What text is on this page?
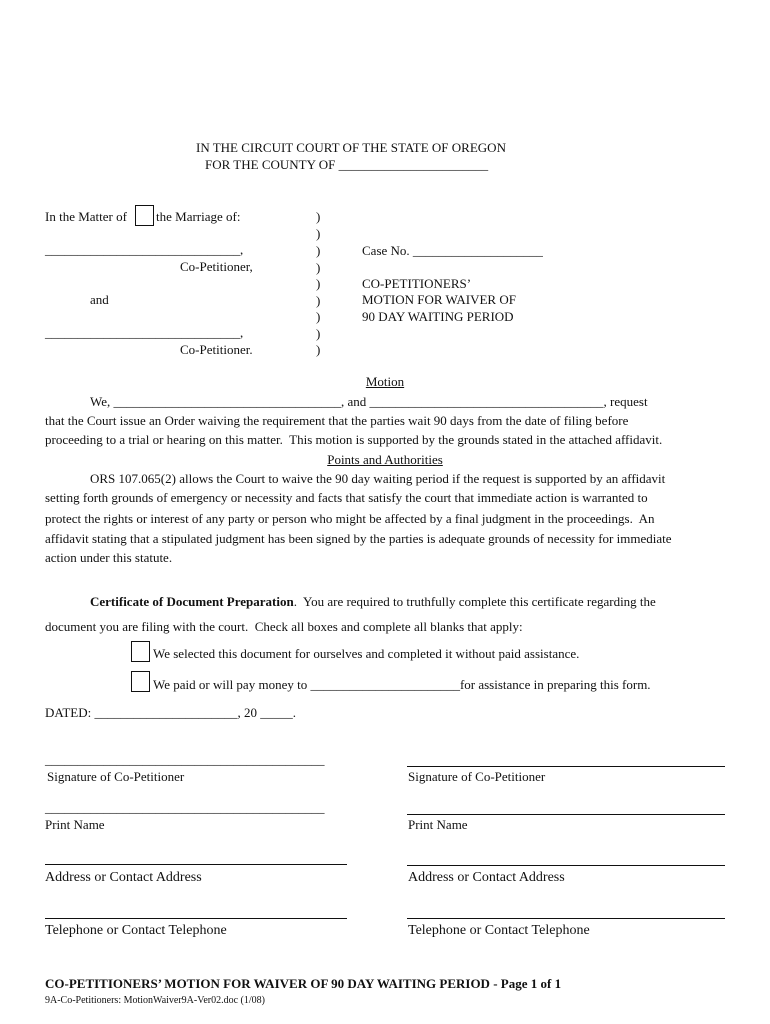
IN THE CIRCUIT COURT OF THE STATE OF OREGON
FOR THE COUNTY OF _______________________
In the Matter of the Marriage of:
______________________________,
Co-Petitioner,
and
______________________________,
Co-Petitioner.
)
)
)
)
)
)
)
)
)
Case No. ____________________
CO-PETITIONERS’
MOTION FOR WAIVER OF
90 DAY WAITING PERIOD
Motion
We, ___________________________________, and ____________________________________, request
that the Court issue an Order waiving the requirement that the parties wait 90 days from the date of filing before
proceeding to a trial or hearing on this matter.  This motion is supported by the grounds stated in the attached affidavit.
Points and Authorities
ORS 107.065(2) allows the Court to waive the 90 day waiting period if the request is supported by an affidavit
setting forth grounds of emergency or necessity and facts that satisfy the court that immediate action is warranted to
protect the rights or interest of any party or person who might be affected by a final judgment in the proceedings.  An
affidavit stating that a stipulated judgment has been signed by the parties is adequate grounds of necessity for immediate
action under this statute.
Certificate of Document Preparation.  You are required to truthfully complete this certificate regarding the
document you are filing with the court.  Check all boxes and complete all blanks that apply:
We selected this document for ourselves and completed it without paid assistance.
We paid or will pay money to _______________________for assistance in preparing this form.
DATED: ______________________, 20 _____.
___________________________________________
Signature of Co-Petitioner
___________________________________________
Print Name
Address or Contact Address
Telephone or Contact Telephone
Signature of Co-Petitioner
Print Name
Address or Contact Address
Telephone or Contact Telephone
CO-PETITIONERS’ MOTION FOR WAIVER OF 90 DAY WAITING PERIOD - Page 1 of 1
9A-Co-Petitioners: MotionWaiver9A-Ver02.doc (1/08)
